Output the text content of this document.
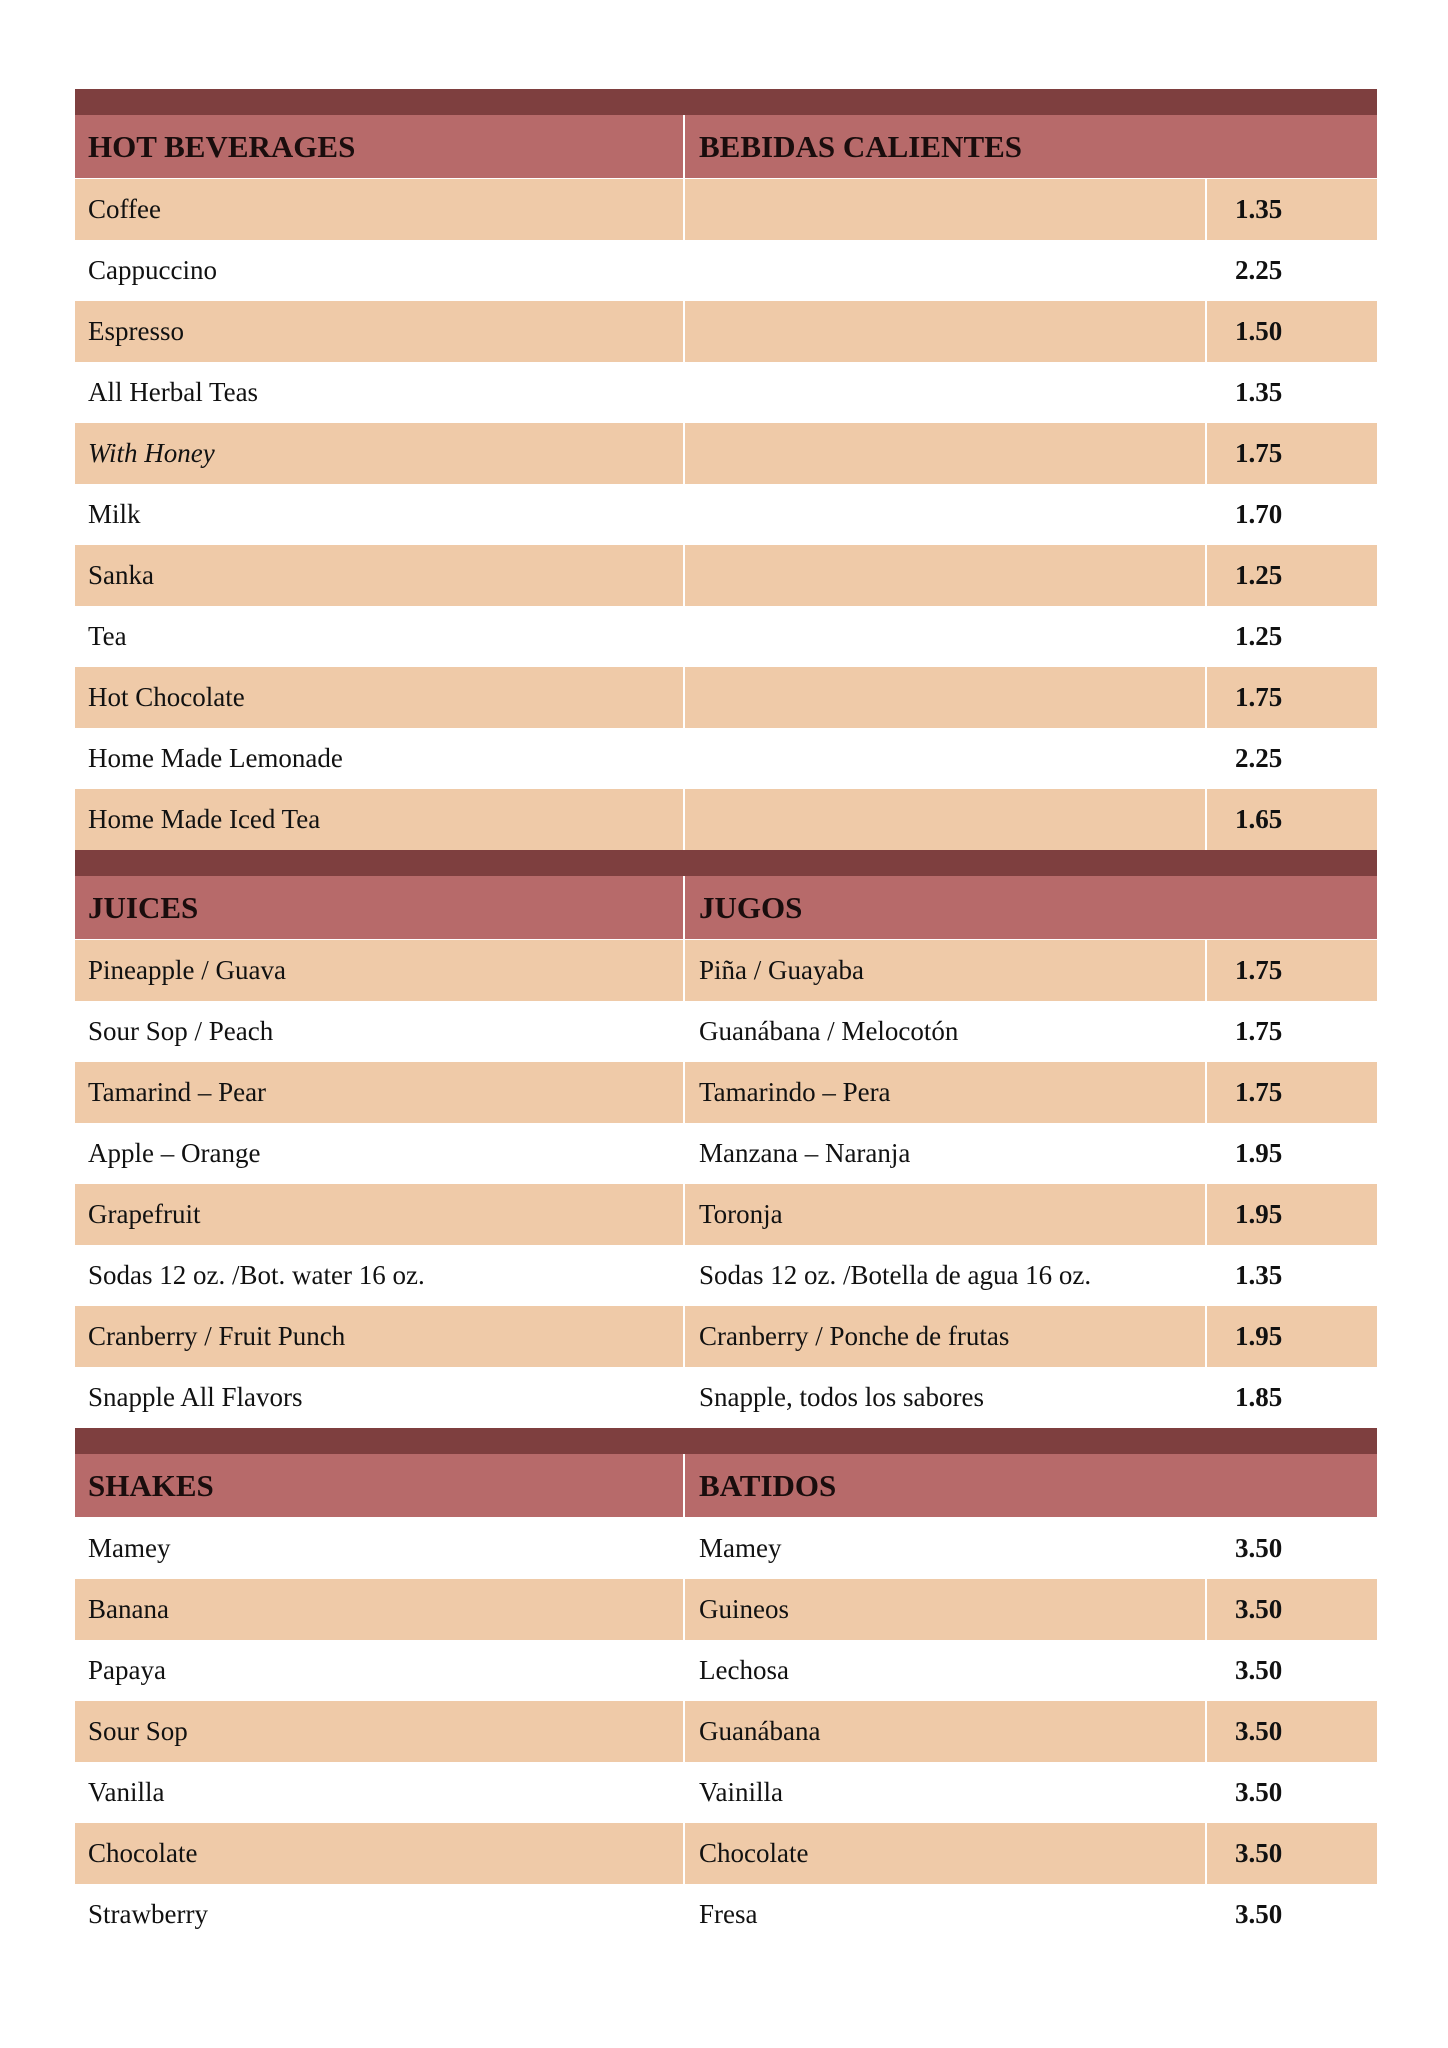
HOT BEVERAGES	BEBIDAS CALIENTES
Coffee	1.35
Cappuccino	2.25
Espresso	1.50
All Herbal Teas	1.35
With Honey	1.75
Milk	1.70
Sanka	1.25
Tea	1.25
Hot Chocolate	1.75
Home Made Lemonade	2.25
Home Made Iced Tea	1.65
JUICES	JUGOS
Pineapple / Guava	Piña / Guayaba	1.75
Sour Sop / Peach	Guanábana / Melocotón	1.75
Tamarind – Pear	Tamarindo – Pera	1.75
Apple – Orange	Manzana – Naranja	1.95
Grapefruit	Toronja	1.95
Sodas 12 oz. /Bot. water 16 oz.	Sodas 12 oz. /Botella de agua 16 oz.	1.35
Cranberry / Fruit Punch	Cranberry / Ponche de frutas	1.95
Snapple All Flavors	Snapple, todos los sabores	1.85
SHAKES	BATIDOS
Mamey	Mamey	3.50
Banana	Guineos	3.50
Papaya	Lechosa	3.50
Sour Sop	Guanábana	3.50
Vanilla	Vainilla	3.50
Chocolate	Chocolate	3.50
Strawberry	Fresa	3.50
